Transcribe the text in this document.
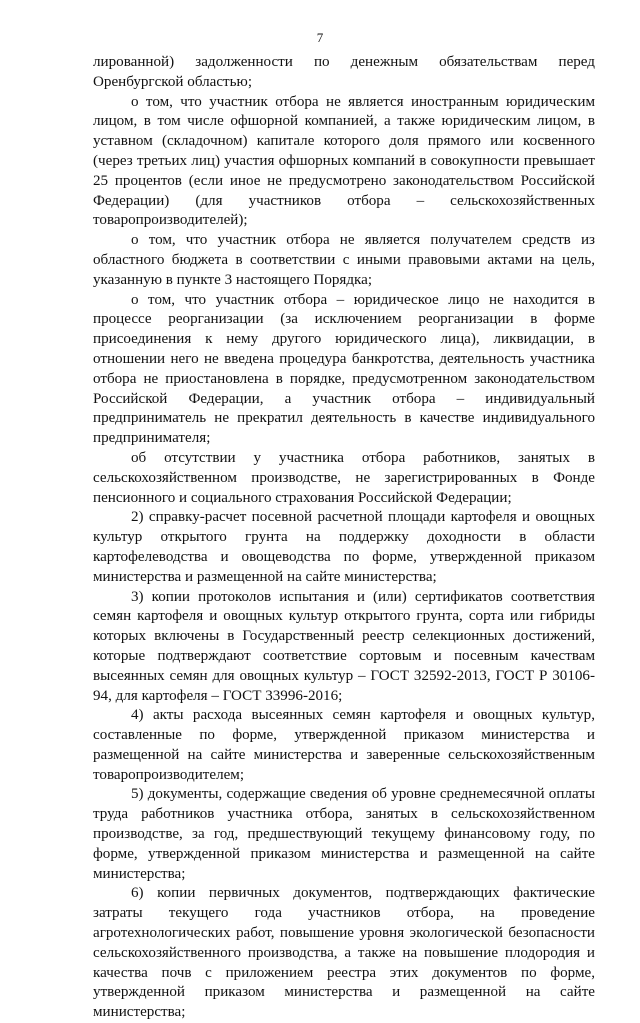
7

лированной) задолженности по денежным обязательствам перед Оренбургской областью;

о том, что участник отбора не является иностранным юридическим лицом, в том числе офшорной компанией, а также юридическим лицом, в уставном (складочном) капитале которого доля прямого или косвенного (через третьих лиц) участия офшорных компаний в совокупности превышает 25 процентов (если иное не предусмотрено законодательством Российской Федерации) (для участников отбора – сельскохозяйственных товаропроизводителей);

о том, что участник отбора не является получателем средств из областного бюджета в соответствии с иными правовыми актами на цель, указанную в пункте 3 настоящего Порядка;

о том, что участник отбора – юридическое лицо не находится в процессе реорганизации (за исключением реорганизации в форме присоединения к нему другого юридического лица), ликвидации, в отношении него не введена процедура банкротства, деятельность участника отбора не приостановлена в порядке, предусмотренном законодательством Российской Федерации, а участник отбора – индивидуальный предприниматель не прекратил деятельность в качестве индивидуального предпринимателя;

об отсутствии у участника отбора работников, занятых в сельскохозяйственном производстве, не зарегистрированных в Фонде пенсионного и социального страхования Российской Федерации;

2) справку-расчет посевной расчетной площади картофеля и овощных культур открытого грунта на поддержку доходности в области картофелеводства и овощеводства по форме, утвержденной приказом министерства и размещенной на сайте министерства;

3) копии протоколов испытания и (или) сертификатов соответствия семян картофеля и овощных культур открытого грунта, сорта или гибриды которых включены в Государственный реестр селекционных достижений, которые подтверждают соответствие сортовым и посевным качествам высеянных семян для овощных культур – ГОСТ 32592-2013, ГОСТ Р 30106-94, для картофеля – ГОСТ 33996-2016;

4) акты расхода высеянных семян картофеля и овощных культур, составленные по форме, утвержденной приказом министерства и размещенной на сайте министерства и заверенные сельскохозяйственным товаропроизводителем;

5) документы, содержащие сведения об уровне среднемесячной оплаты труда работников участника отбора, занятых в сельскохозяйственном производстве, за год, предшествующий текущему финансовому году, по форме, утвержденной приказом министерства и размещенной на сайте министерства;

6) копии первичных документов, подтверждающих фактические затраты текущего года участников отбора, на проведение агротехнологических работ, повышение уровня экологической безопасности сельскохозяйственного производства, а также на повышение плодородия и качества почв с приложением реестра этих документов по форме, утвержденной приказом министерства и размещенной на сайте министерства;
